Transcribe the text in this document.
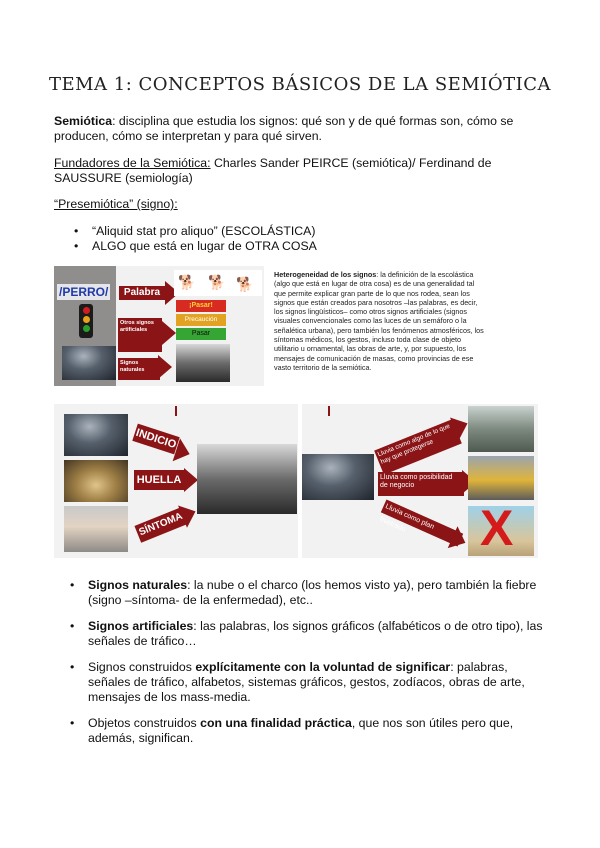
TEMA 1: CONCEPTOS BÁSICOS DE LA SEMIÓTICA
Semiótica: disciplina que estudia los signos: qué son y de qué formas son, cómo se producen, cómo se interpretan y para qué sirven.
Fundadores de la Semiótica: Charles Sander PEIRCE (semiótica)/ Ferdinand de SAUSSURE (semiología)
“Presemiótica” (signo):
• “Aliquid stat pro aliquo” (ESCOLÁSTICA)
• ALGO que está en lugar de OTRA COSA
/PERRO/	Palabra
Otros signos artificiales
Signos naturales
🐕 🐕 🐕
¡Pasar!
Precaución
Pasar
Heterogeneidad de los signos: la definición de la escolástica (algo que está en lugar de otra cosa) es de una generalidad tal que permite explicar gran parte de lo que nos rodea, sean los signos que están creados para nosotros –las palabras, es decir, los signos lingüísticos– como otros signos artificiales (signos visuales convencionales como las luces de un semáforo o la señalética urbana), pero también los fenómenos atmosféricos, los síntomas médicos, los gestos, incluso toda clase de objeto utilitario u ornamental, las obras de arte, y, por supuesto, los mensajes de comunicación de masas, como provincias de ese vasto territorio de la semiótica.
INDICIO
HUELLA
SÍNTOMA
Lluvia como algo de lo que hay que protegerse
Lluvia como posibilidad de negocio
Lluvia como plan frustrado	X
• Signos naturales: la nube o el charco (los hemos visto ya), pero también la fiebre (signo –síntoma- de la enfermedad), etc..
• Signos artificiales: las palabras, los signos gráficos (alfabéticos o de otro tipo), las señales de tráfico…
• Signos construidos explícitamente con la voluntad de significar: palabras, señales de tráfico, alfabetos, sistemas gráficos, gestos, zodíacos, obras de arte, mensajes de los mass-media.
• Objetos construidos con una finalidad práctica, que nos son útiles pero que, además, significan.
